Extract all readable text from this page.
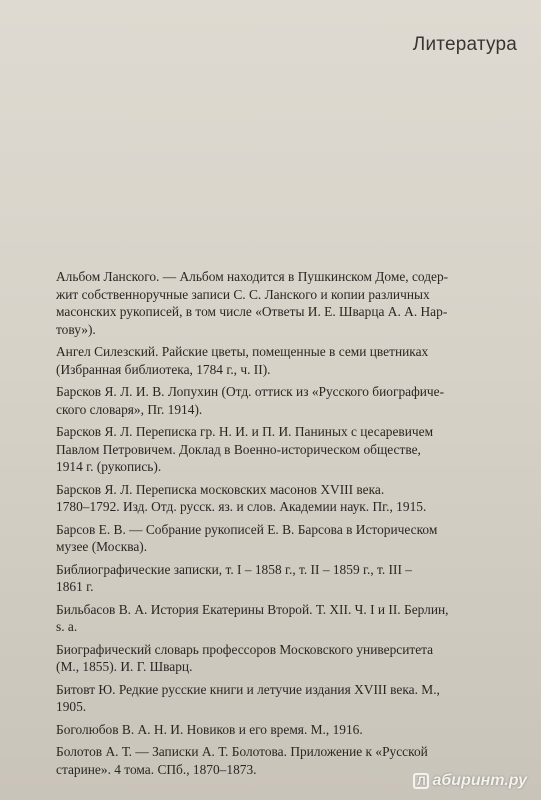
Литература
Альбом Ланского. — Альбом находится в Пушкинском Доме, содер-
жит собственноручные записи С. С. Ланского и копии различных
масонских рукописей, в том числе «Ответы И. Е. Шварца А. А. Нар-
тову»).
Ангел Силезский. Райские цветы, помещенные в семи цветниках
(Избранная библиотека, 1784 г., ч. II).
Барсков Я. Л. И. В. Лопухин (Отд. оттиск из «Русского биографиче-
ского словаря», Пг. 1914).
Барсков Я. Л. Переписка гр. Н. И. и П. И. Паниных с цесаревичем
Павлом Петровичем. Доклад в Военно-историческом обществе,
1914 г. (рукопись).
Барсков Я. Л. Переписка московских масонов XVIII века.
1780–1792. Изд. Отд. русск. яз. и слов. Академии наук. Пг., 1915.
Барсов Е. В. — Собрание рукописей Е. В. Барсова в Историческом
музее (Москва).
Библиографические записки, т. I – 1858 г., т. II – 1859 г., т. III –
1861 г.
Бильбасов В. А. История Екатерины Второй. Т. XII. Ч. I и II. Берлин,
s. a.
Биографический словарь профессоров Московского университета
(М., 1855). И. Г. Шварц.
Битовт Ю. Редкие русские книги и летучие издания XVIII века. М.,
1905.
Боголюбов В. А. Н. И. Новиков и его время. М., 1916.
Болотов А. Т. — Записки А. Т. Болотова. Приложение к «Русской
старине». 4 тома. СПб., 1870–1873.
Л абиринт.ру
